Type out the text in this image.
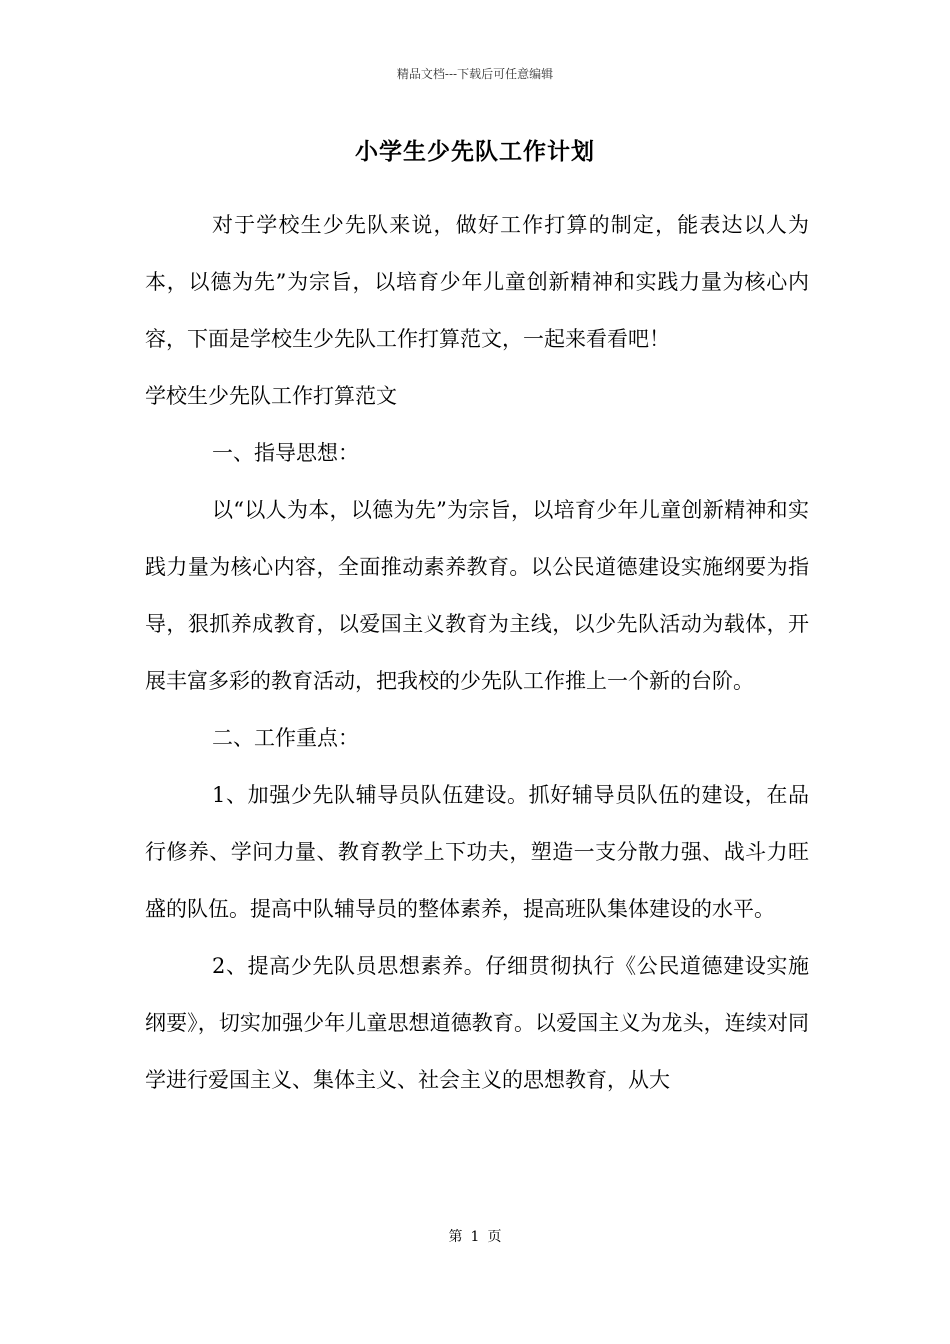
精品文档---下载后可任意编辑
小学生少先队工作计划

对于学校生少先队来说，做好工作打算的制定，能表达以人为本，以德为先”为宗旨，以培育少年儿童创新精神和实践力量为核心内容，下面是学校生少先队工作打算范文，一起来看看吧！

学校生少先队工作打算范文

一、指导思想：

以“以人为本，以德为先”为宗旨，以培育少年儿童创新精神和实践力量为核心内容，全面推动素养教育。以公民道德建设实施纲要为指导，狠抓养成教育，以爱国主义教育为主线，以少先队活动为载体，开展丰富多彩的教育活动，把我校的少先队工作推上一个新的台阶。

二、工作重点：

1、加强少先队辅导员队伍建设。抓好辅导员队伍的建设，在品行修养、学问力量、教育教学上下功夫，塑造一支分散力强、战斗力旺盛的队伍。提高中队辅导员的整体素养，提高班队集体建设的水平。

2、提高少先队员思想素养。仔细贯彻执行《公民道德建设实施纲要》，切实加强少年儿童思想道德教育。以爱国主义为龙头，连续对同学进行爱国主义、集体主义、社会主义的思想教育，从大

第 1 页
